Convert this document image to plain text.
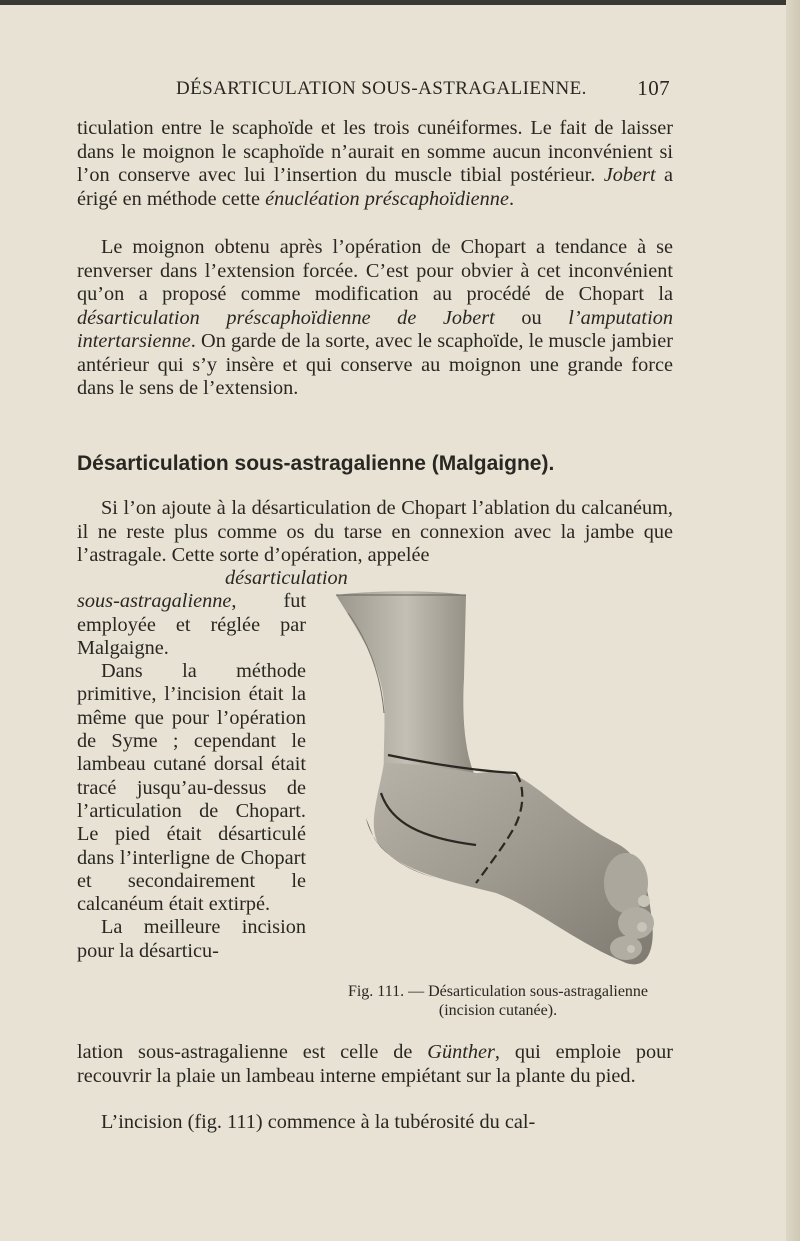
DÉSARTICULATION SOUS-ASTRAGALIENNE. 107
ticulation entre le scaphoïde et les trois cunéiformes. Le fait de laisser dans le moignon le scaphoïde n’aurait en somme aucun inconvénient si l’on conserve avec lui l’insertion du muscle tibial postérieur. Jobert a érigé en méthode cette énucléation préscaphoïdienne.
Le moignon obtenu après l’opération de Chopart a tendance à se renverser dans l’extension forcée. C’est pour obvier à cet inconvénient qu’on a proposé comme modification au procédé de Chopart la désarticulation préscaphoïdienne de Jobert ou l’amputation intertarsienne. On garde de la sorte, avec le scaphoïde, le muscle jambier antérieur qui s’y insère et qui conserve au moignon une grande force dans le sens de l’extension.
Désarticulation sous-astragalienne (Malgaigne).
Si l’on ajoute à la désarticulation de Chopart l’ablation du calcanéum, il ne reste plus comme os du tarse en connexion avec la jambe que l’astragale. Cette sorte d’opération, appelée
désarticulation sous-astragalienne, fut employée et réglée par Malgaigne.
Dans la méthode primitive, l’incision était la même que pour l’opération de Syme ; cependant le lambeau cutané dorsal était tracé jusqu’au-dessus de l’articulation de Chopart. Le pied était désarticulé dans l’interligne de Chopart et secondairement le calcanéum était extirpé.
La meilleure incision pour la désarticu-
Fig. 111. — Désarticulation sous-astragalienne (incision cutanée).
lation sous-astragalienne est celle de Günther, qui emploie pour recouvrir la plaie un lambeau interne empiétant sur la plante du pied.
L’incision (fig. 111) commence à la tubérosité du cal-
